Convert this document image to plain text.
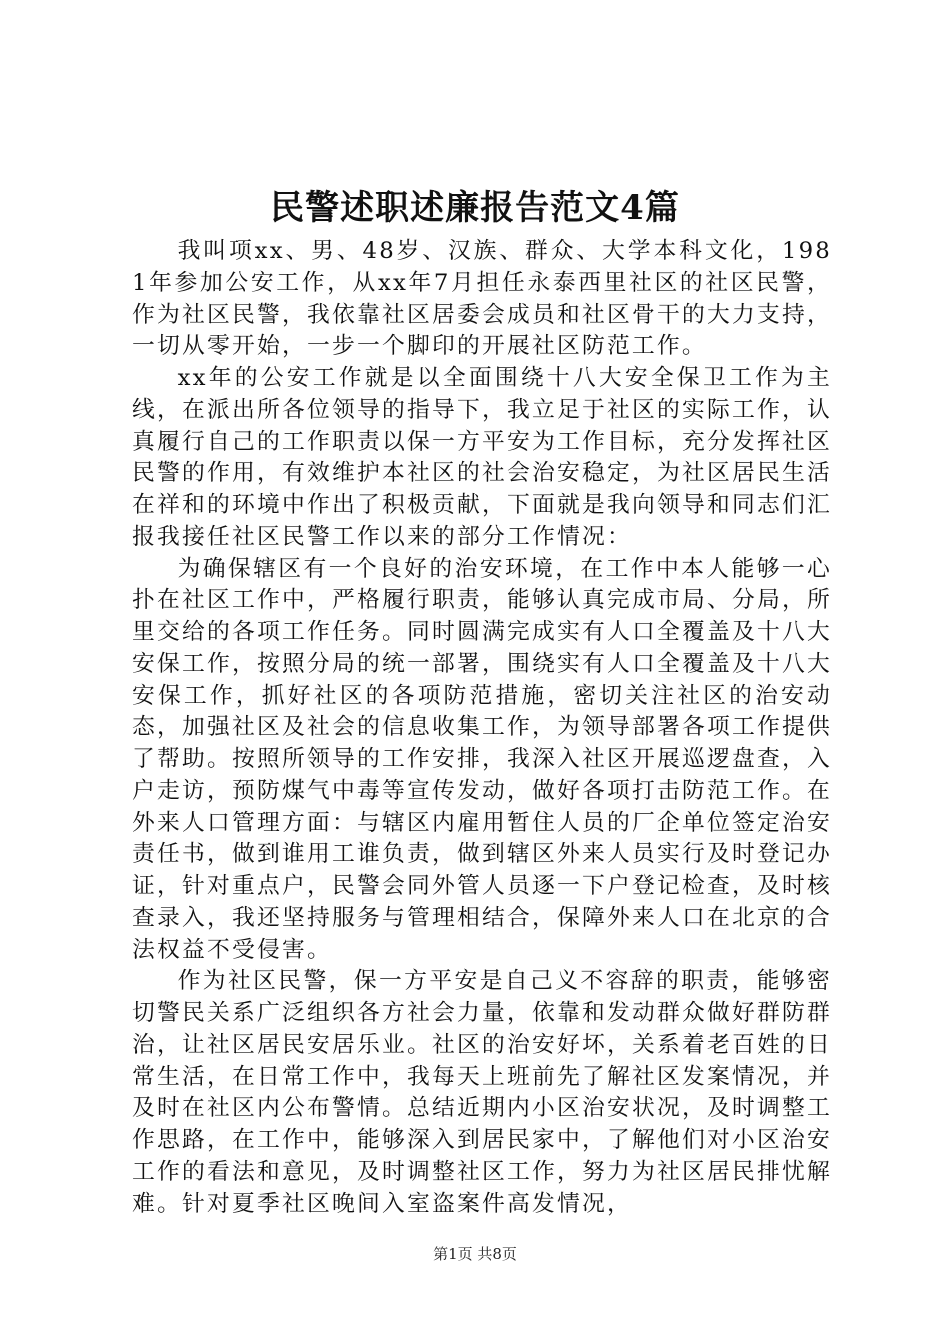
民警述职述廉报告范文4篇

我叫项xx、男、48岁、汉族、群众、大学本科文化，1981年参加公安工作，从xx年7月担任永泰西里社区的社区民警，作为社区民警，我依靠社区居委会成员和社区骨干的大力支持，一切从零开始，一步一个脚印的开展社区防范工作。

xx年的公安工作就是以全面围绕十八大安全保卫工作为主线，在派出所各位领导的指导下，我立足于社区的实际工作，认真履行自己的工作职责以保一方平安为工作目标，充分发挥社区民警的作用，有效维护本社区的社会治安稳定，为社区居民生活在祥和的环境中作出了积极贡献，下面就是我向领导和同志们汇报我接任社区民警工作以来的部分工作情况：

为确保辖区有一个良好的治安环境，在工作中本人能够一心扑在社区工作中，严格履行职责，能够认真完成市局、分局，所里交给的各项工作任务。同时圆满完成实有人口全覆盖及十八大安保工作，按照分局的统一部署，围绕实有人口全覆盖及十八大安保工作，抓好社区的各项防范措施，密切关注社区的治安动态，加强社区及社会的信息收集工作，为领导部署各项工作提供了帮助。按照所领导的工作安排，我深入社区开展巡逻盘查，入户走访，预防煤气中毒等宣传发动，做好各项打击防范工作。在外来人口管理方面：与辖区内雇用暂住人员的厂企单位签定治安责任书，做到谁用工谁负责，做到辖区外来人员实行及时登记办证，针对重点户，民警会同外管人员逐一下户登记检查，及时核查录入，我还坚持服务与管理相结合，保障外来人口在北京的合法权益不受侵害。

作为社区民警，保一方平安是自己义不容辞的职责，能够密切警民关系广泛组织各方社会力量，依靠和发动群众做好群防群治，让社区居民安居乐业。社区的治安好坏，关系着老百姓的日常生活，在日常工作中，我每天上班前先了解社区发案情况，并及时在社区内公布警情。总结近期内小区治安状况，及时调整工作思路，在工作中，能够深入到居民家中，了解他们对小区治安工作的看法和意见，及时调整社区工作，努力为社区居民排忧解难。针对夏季社区晚间入室盗案件高发情况，

第1页 共8页
